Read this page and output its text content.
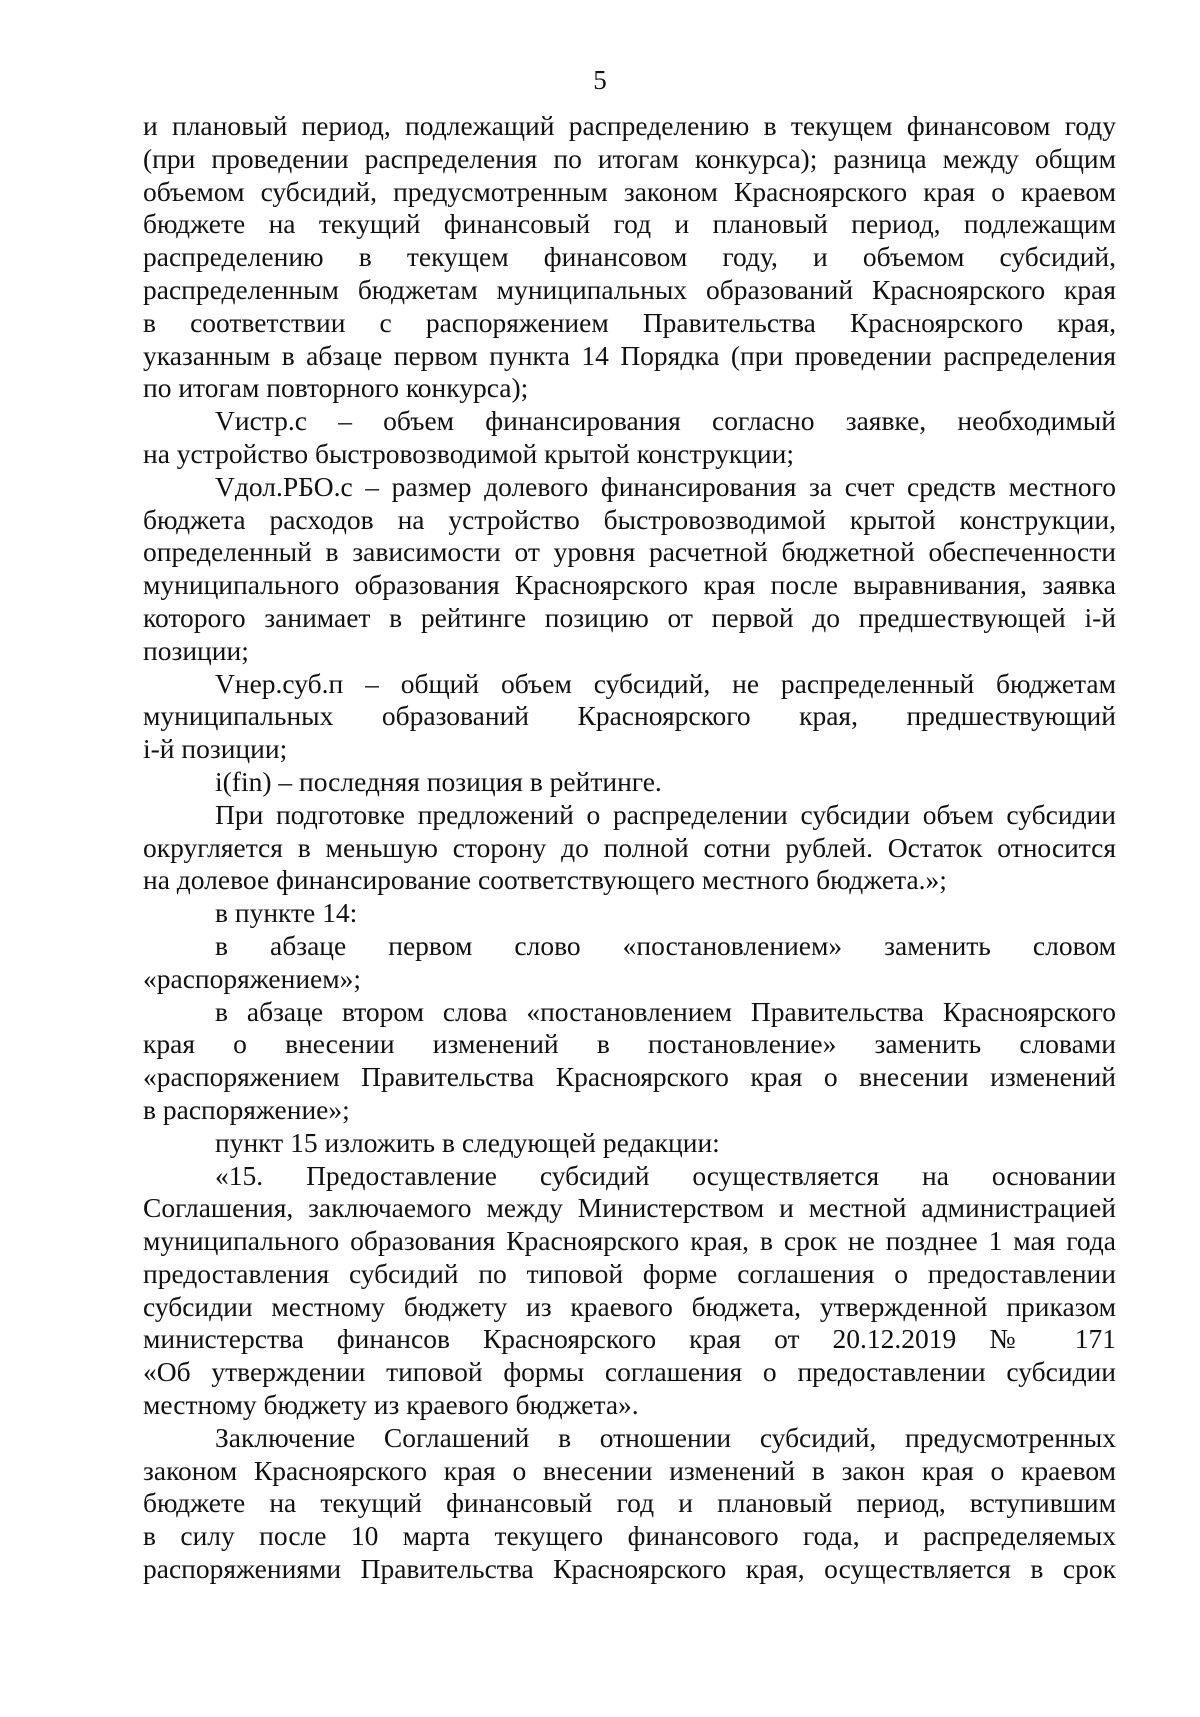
5
и плановый период, подлежащий распределению в текущем финансовом году
(при проведении распределения по итогам конкурса); разница между общим
объемом субсидий, предусмотренным законом Красноярского края о краевом
бюджете на текущий финансовый год и плановый период, подлежащим
распределению в текущем финансовом году, и объемом субсидий,
распределенным бюджетам муниципальных образований Красноярского края
в соответствии с распоряжением Правительства Красноярского края,
указанным в абзаце первом пункта 14 Порядка (при проведении распределения
по итогам повторного конкурса);
Vистр.с – объем финансирования согласно заявке, необходимый
на устройство быстровозводимой крытой конструкции;
Vдол.РБО.с – размер долевого финансирования за счет средств местного
бюджета расходов на устройство быстровозводимой крытой конструкции,
определенный в зависимости от уровня расчетной бюджетной обеспеченности
муниципального образования Красноярского края после выравнивания, заявка
которого занимает в рейтинге позицию от первой до предшествующей i-й
позиции;
Vнер.суб.п – общий объем субсидий, не распределенный бюджетам
муниципальных образований Красноярского края, предшествующий
i-й позиции;
i(fin) – последняя позиция в рейтинге.
При подготовке предложений о распределении субсидии объем субсидии
округляется в меньшую сторону до полной сотни рублей. Остаток относится
на долевое финансирование соответствующего местного бюджета.»;
в пункте 14:
в абзаце первом слово «постановлением» заменить словом
«распоряжением»;
в абзаце втором слова «постановлением Правительства Красноярского
края о внесении изменений в постановление» заменить словами
«распоряжением Правительства Красноярского края о внесении изменений
в распоряжение»;
пункт 15 изложить в следующей редакции:
«15. Предоставление субсидий осуществляется на основании
Соглашения, заключаемого между Министерством и местной администрацией
муниципального образования Красноярского края, в срок не позднее 1 мая года
предоставления субсидий по типовой форме соглашения о предоставлении
субсидии местному бюджету из краевого бюджета, утвержденной приказом
министерства финансов Красноярского края от 20.12.2019 № 171
«Об утверждении типовой формы соглашения о предоставлении субсидии
местному бюджету из краевого бюджета».
Заключение Соглашений в отношении субсидий, предусмотренных
законом Красноярского края о внесении изменений в закон края о краевом
бюджете на текущий финансовый год и плановый период, вступившим
в силу после 10 марта текущего финансового года, и распределяемых
распоряжениями Правительства Красноярского края, осуществляется в срок
